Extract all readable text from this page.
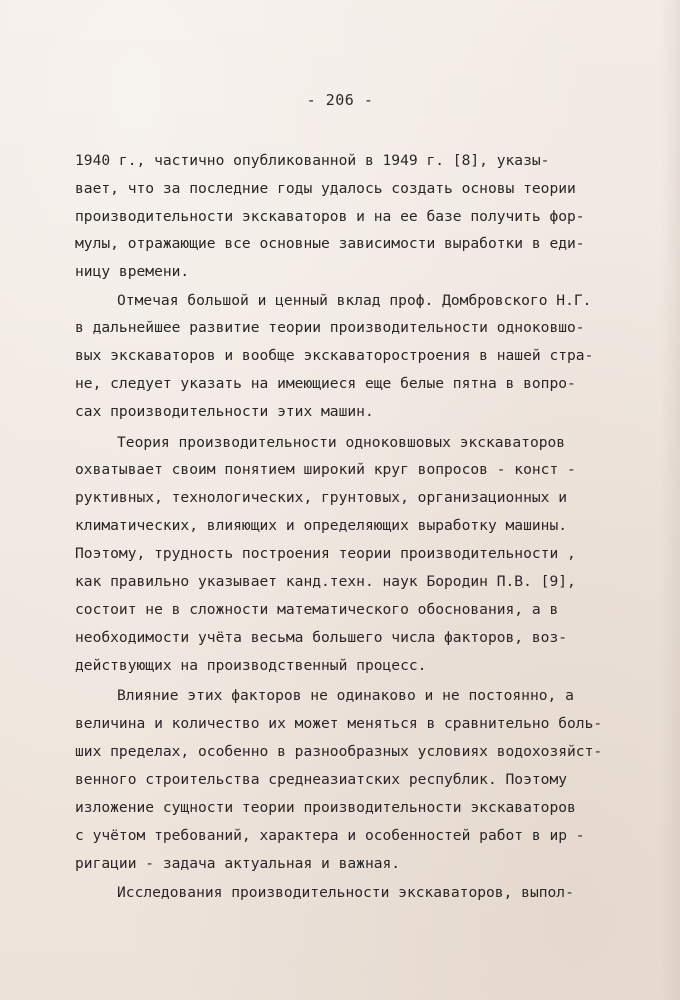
- 206 -
1940 г., частично опубликованной в 1949 г. [8], указы-
вает, что за последние годы удалось создать основы теории
производительности экскаваторов и на ее базе получить фор-
мулы, отражающие все основные зависимости выработки в еди-
ницу времени.
Отмечая большой и ценный вклад проф. Домбровского Н.Г.
в дальнейшее развитие теории производительности одноковшо-
вых экскаваторов и вообще экскаваторостроения в нашей стра-
не, следует указать на имеющиеся еще белые пятна в вопро-
сах производительности этих машин.
Теория производительности одноковшовых экскаваторов
охватывает своим понятием широкий круг вопросов - конст -
руктивных, технологических, грунтовых, организационных и
климатических, влияющих и определяющих выработку машины.
Поэтому, трудность построения теории производительности ,
как правильно указывает канд.техн. наук Бородин П.В. [9],
состоит не в сложности математического обоснования, а в
необходимости учёта весьма большего числа факторов, воз-
действующих на производственный процесс.
Влияние этих факторов не одинаково и не постоянно, а
величина и количество их может меняться в сравнительно боль-
ших пределах, особенно в разнообразных условиях водохозяйст-
венного строительства среднеазиатских республик. Поэтому
изложение сущности теории производительности экскаваторов
с учётом требований, характера и особенностей работ в ир -
ригации - задача актуальная и важная.
Исследования производительности экскаваторов, выпол-
